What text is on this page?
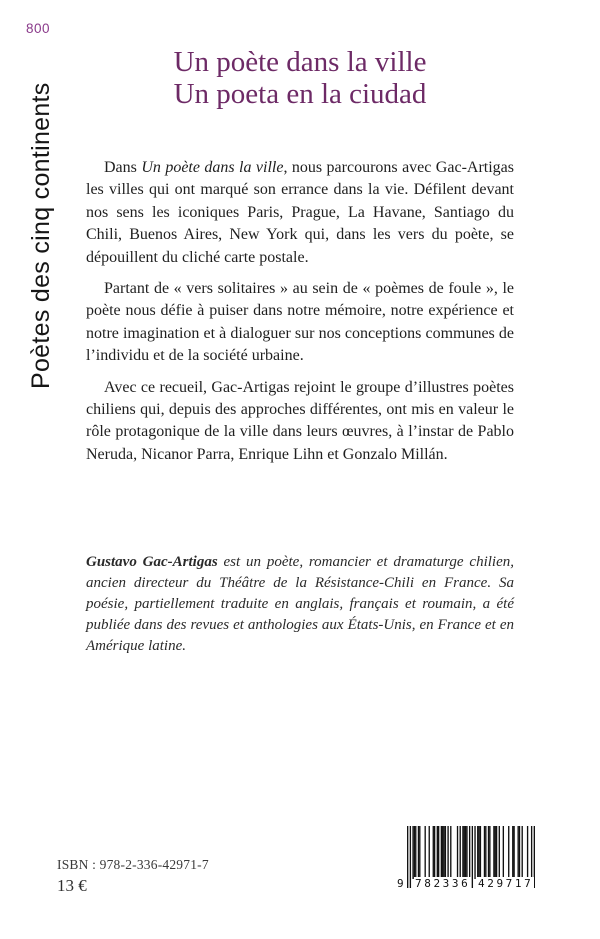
800
Poètes des cinq continents
Un poète dans la ville
Un poeta en la ciudad

Dans Un poète dans la ville, nous parcourons avec Gac-Artigas les villes qui ont marqué son errance dans la vie. Défilent devant nos sens les iconiques Paris, Prague, La Havane, Santiago du Chili, Buenos Aires, New York qui, dans les vers du poète, se dépouillent du cliché carte postale.

Partant de « vers solitaires » au sein de « poèmes de foule », le poète nous défie à puiser dans notre mémoire, notre expérience et notre imagination et à dialoguer sur nos conceptions communes de l’individu et de la société urbaine.

Avec ce recueil, Gac-Artigas rejoint le groupe d’illustres poètes chiliens qui, depuis des approches différentes, ont mis en valeur le rôle protagonique de la ville dans leurs œuvres, à l’instar de Pablo Neruda, Nicanor Parra, Enrique Lihn et Gonzalo Millán.

Gustavo Gac-Artigas est un poète, romancier et dramaturge chilien, ancien directeur du Théâtre de la Résistance-Chili en France. Sa poésie, partiellement traduite en anglais, français et roumain, a été publiée dans des revues et anthologies aux États-Unis, en France et en Amérique latine.

ISBN : 978-2-336-42971-7
13 €	9 782336 429717
